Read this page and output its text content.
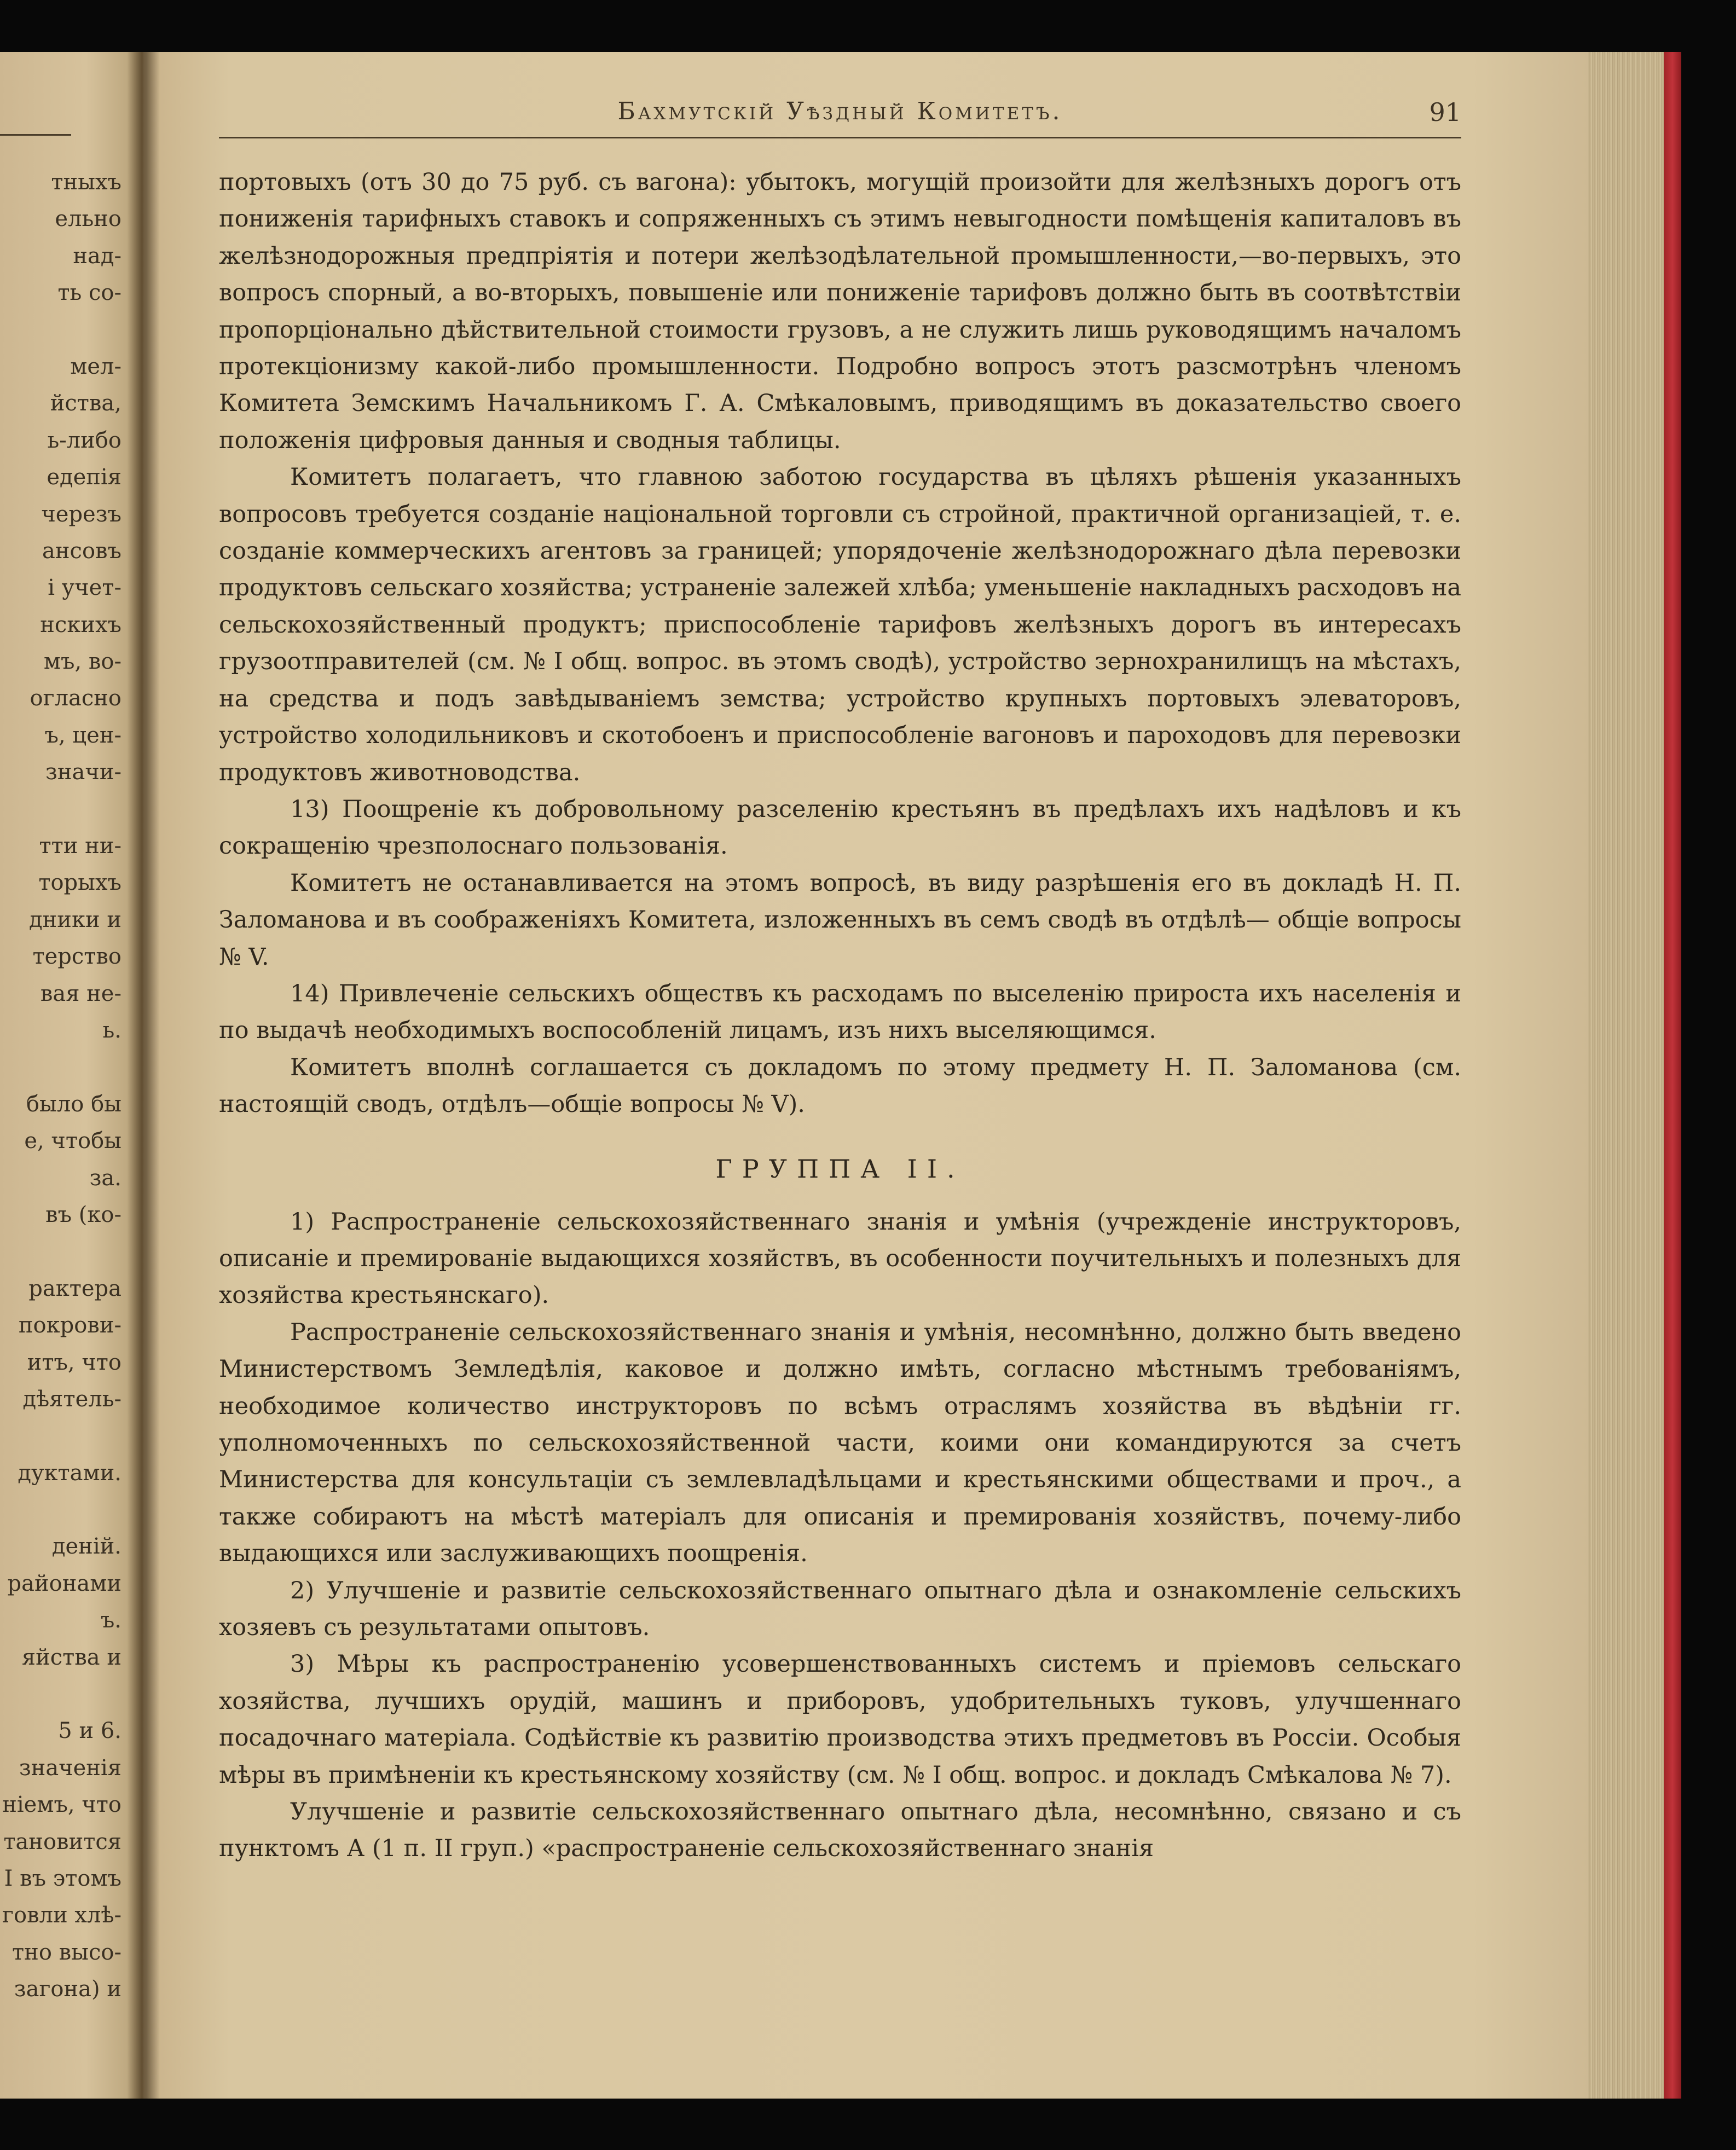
тныхъ
ельно
над-
ть со-
мел-
йства,
ь-либо
едепія
черезъ
ансовъ
і учет-
нскихъ
мъ, во-
огласно
ъ, цен-
значи-
тти ни-
торыхъ
дники и
терство
вая не-
ь.
было бы
е, чтобы
за.
въ (ко-
рактера
покрови-
итъ, что
дѣятель-
дуктами.
деній.
районами
ъ.
яйства и
5 и 6.
значенія
ніемъ, что
тановится
І въ этомъ
говли хлѣ-
тно высо-
загона) и
Бахмутскій Уѣздный Комитетъ.	91

портовыхъ (отъ 30 до 75 руб. съ вагона): убытокъ, могущій произойти для желѣзныхъ дорогъ отъ пониженія тарифныхъ ставокъ и сопряженныхъ съ этимъ невыгодности помѣщенія капиталовъ въ желѣзнодорожныя предпріятія и потери желѣзодѣлательной промышленности,—во-первыхъ, это вопросъ спорный, а во-вторыхъ, повышеніе или пониженіе тарифовъ должно быть въ соотвѣтствіи пропорціонально дѣйствительной стоимости грузовъ, а не служить лишь руководящимъ началомъ протекціонизму какой-либо промышленности. Подробно вопросъ этотъ разсмотрѣнъ членомъ Комитета Земскимъ Начальникомъ Г. А. Смѣкаловымъ, приводящимъ въ доказательство своего положенія цифровыя данныя и сводныя таблицы.

Комитетъ полагаетъ, что главною заботою государства въ цѣляхъ рѣшенія указанныхъ вопросовъ требуется созданіе національной торговли съ стройной, практичной организаціей, т. е. созданіе коммерческихъ агентовъ за границей; упорядоченіе желѣзнодорожнаго дѣла перевозки продуктовъ сельскаго хозяйства; устраненіе залежей хлѣба; уменьшеніе накладныхъ расходовъ на сельскохозяйственный продуктъ; приспособленіе тарифовъ желѣзныхъ дорогъ въ интересахъ грузоотправителей (см. № І общ. вопрос. въ этомъ сводѣ), устройство зернохранилищъ на мѣстахъ, на средства и подъ завѣдываніемъ земства; устройство крупныхъ портовыхъ элеваторовъ, устройство холодильниковъ и скотобоенъ и приспособленіе вагоновъ и пароходовъ для перевозки продуктовъ животноводства.

13) Поощреніе къ добровольному разселенію крестьянъ въ предѣлахъ ихъ надѣловъ и къ сокращенію чрезполоснаго пользованія.

Комитетъ не останавливается на этомъ вопросѣ, въ виду разрѣшенія его въ докладѣ Н. П. Заломанова и въ соображеніяхъ Комитета, изложенныхъ въ семъ сводѣ въ отдѣлѣ— общіе вопросы № V.

14) Привлеченіе сельскихъ обществъ къ расходамъ по выселенію прироста ихъ населенія и по выдачѣ необходимыхъ воспособленій лицамъ, изъ нихъ выселяющимся.

Комитетъ вполнѣ соглашается съ докладомъ по этому предмету Н. П. Заломанова (см. настоящій сводъ, отдѣлъ—общіе вопросы № V).

ГРУППА II.

1) Распространеніе сельскохозяйственнаго знанія и умѣнія (учрежденіе инструкторовъ, описаніе и премированіе выдающихся хозяйствъ, въ особенности поучительныхъ и полезныхъ для хозяйства крестьянскаго).

Распространеніе сельскохозяйственнаго знанія и умѣнія, несомнѣнно, должно быть введено Министерствомъ Земледѣлія, каковое и должно имѣть, согласно мѣстнымъ требованіямъ, необходимое количество инструкторовъ по всѣмъ отраслямъ хозяйства въ вѣдѣніи гг. уполномоченныхъ по сельскохозяйственной части, коими они командируются за счетъ Министерства для консультаціи съ землевладѣльцами и крестьянскими обществами и проч., а также собираютъ на мѣстѣ матеріалъ для описанія и премированія хозяйствъ, почему-либо выдающихся или заслуживающихъ поощренія.

2) Улучшеніе и развитіе сельскохозяйственнаго опытнаго дѣла и ознакомленіе сельскихъ хозяевъ съ результатами опытовъ.

3) Мѣры къ распространенію усовершенствованныхъ системъ и пріемовъ сельскаго хозяйства, лучшихъ орудій, машинъ и приборовъ, удобрительныхъ туковъ, улучшеннаго посадочнаго матеріала. Содѣйствіе къ развитію производства этихъ предметовъ въ Россіи. Особыя мѣры въ примѣненіи къ крестьянскому хозяйству (см. № І общ. вопрос. и докладъ Смѣкалова № 7).

Улучшеніе и развитіе сельскохозяйственнаго опытнаго дѣла, несомнѣнно, связано и съ пунктомъ А (1 п. II груп.) «распространеніе сельскохозяйственнаго знанія
